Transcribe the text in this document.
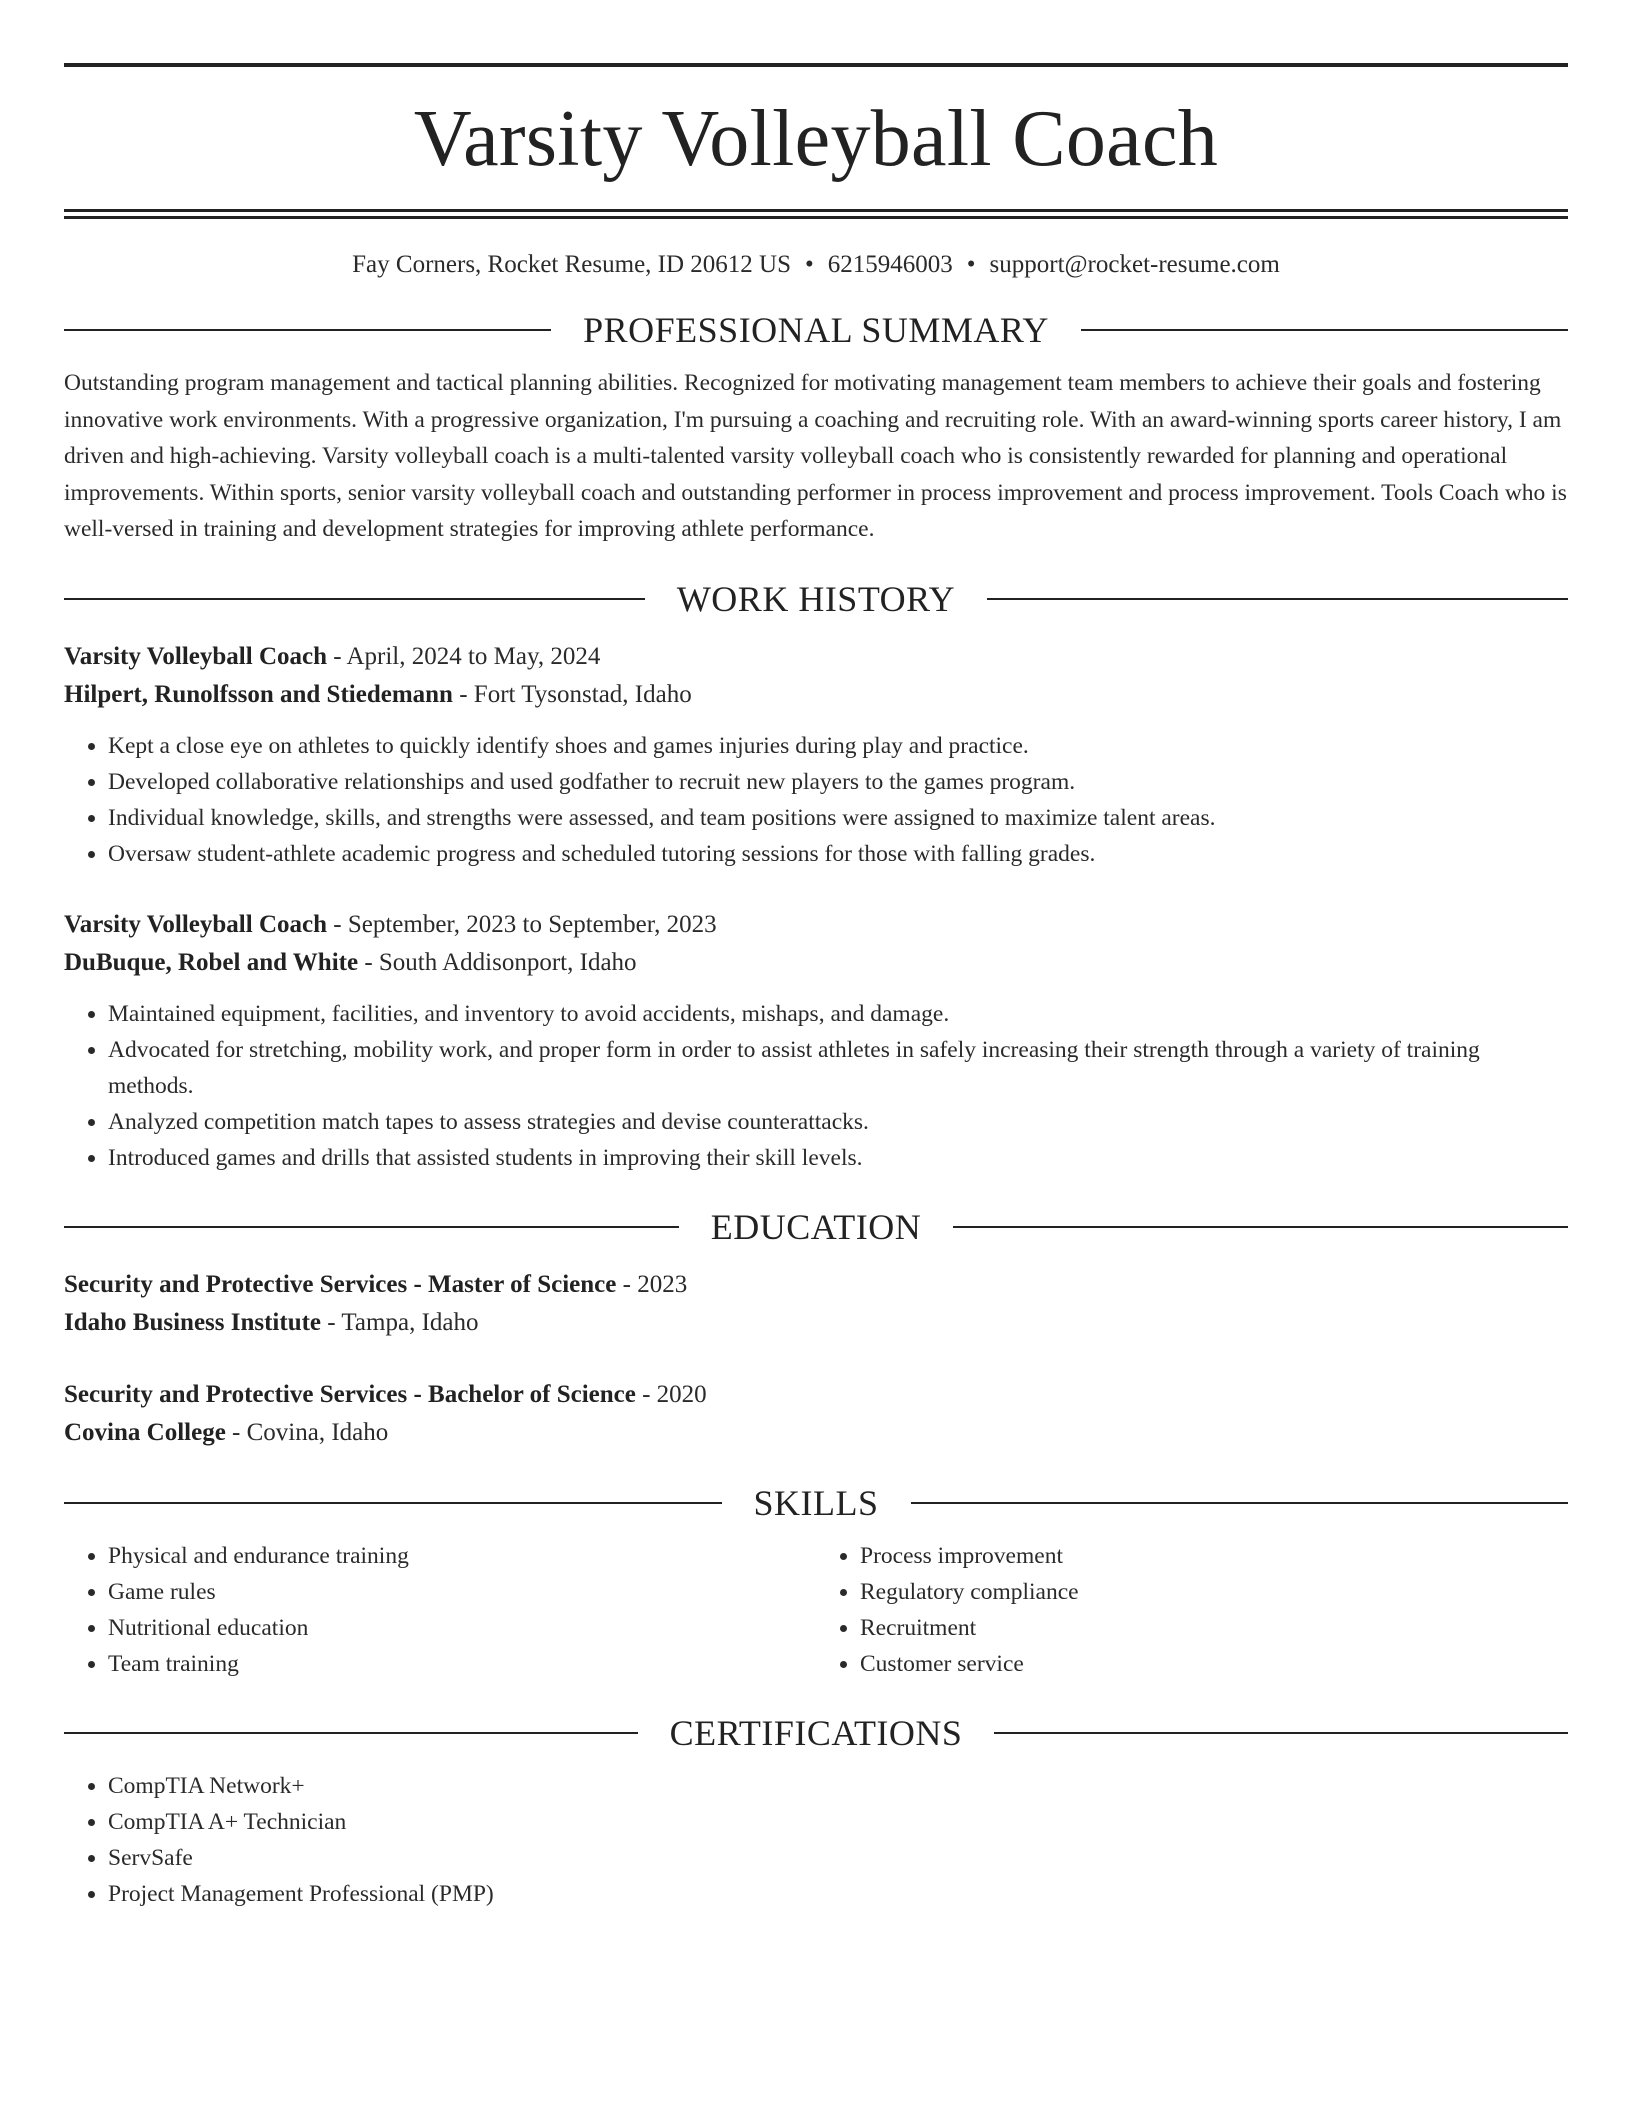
Varsity Volleyball Coach
Fay Corners, Rocket Resume, ID 20612 US • 6215946003 • support@rocket-resume.com
PROFESSIONAL SUMMARY

Outstanding program management and tactical planning abilities. Recognized for motivating management team members to achieve their goals and fostering innovative work environments. With a progressive organization, I'm pursuing a coaching and recruiting role. With an award-winning sports career history, I am driven and high-achieving. Varsity volleyball coach is a multi-talented varsity volleyball coach who is consistently rewarded for planning and operational improvements. Within sports, senior varsity volleyball coach and outstanding performer in process improvement and process improvement. Tools Coach who is well-versed in training and development strategies for improving athlete performance.

WORK HISTORY
Varsity Volleyball Coach - April, 2024 to May, 2024
Hilpert, Runolfsson and Stiedemann - Fort Tysonstad, Idaho
• Kept a close eye on athletes to quickly identify shoes and games injuries during play and practice.
• Developed collaborative relationships and used godfather to recruit new players to the games program.
• Individual knowledge, skills, and strengths were assessed, and team positions were assigned to maximize talent areas.
• Oversaw student-athlete academic progress and scheduled tutoring sessions for those with falling grades.
Varsity Volleyball Coach - September, 2023 to September, 2023
DuBuque, Robel and White - South Addisonport, Idaho
• Maintained equipment, facilities, and inventory to avoid accidents, mishaps, and damage.
• Advocated for stretching, mobility work, and proper form in order to assist athletes in safely increasing their strength through a variety of training methods.
• Analyzed competition match tapes to assess strategies and devise counterattacks.
• Introduced games and drills that assisted students in improving their skill levels.
EDUCATION
Security and Protective Services - Master of Science - 2023
Idaho Business Institute - Tampa, Idaho
Security and Protective Services - Bachelor of Science - 2020
Covina College - Covina, Idaho
SKILLS
• Physical and endurance training
• Game rules
• Nutritional education
• Team training
• Process improvement
• Regulatory compliance
• Recruitment
• Customer service
CERTIFICATIONS
• CompTIA Network+
• CompTIA A+ Technician
• ServSafe
• Project Management Professional (PMP)
